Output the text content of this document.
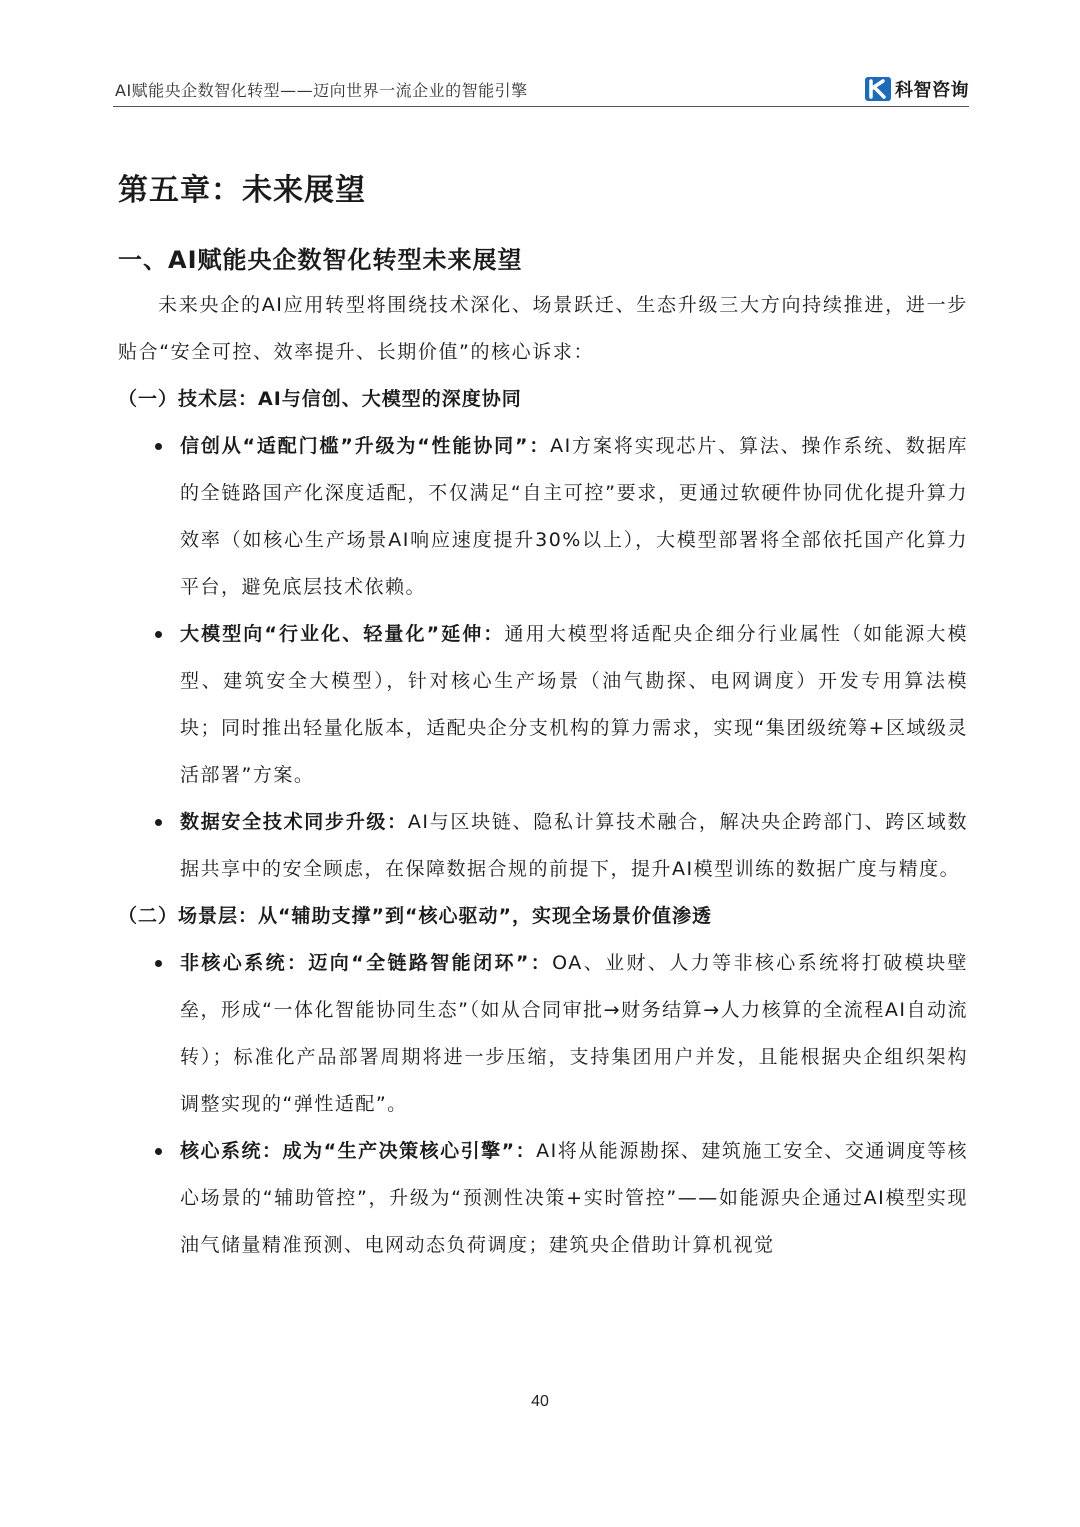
AI赋能央企数智化转型——迈向世界一流企业的智能引擎	科智咨询
第五章：未来展望
一、AI赋能央企数智化转型未来展望

未来央企的AI应用转型将围绕技术深化、场景跃迁、生态升级三大方向持续推进，进一步贴合“安全可控、效率提升、长期价值”的核心诉求：

（一）技术层：AI与信创、大模型的深度协同

信创从“适配门槛”升级为“性能协同”：AI方案将实现芯片、算法、操作系统、数据库的全链路国产化深度适配，不仅满足“自主可控”要求，更通过软硬件协同优化提升算力效率（如核心生产场景AI响应速度提升30%以上），大模型部署将全部依托国产化算力平台，避免底层技术依赖。

大模型向“行业化、轻量化”延伸：通用大模型将适配央企细分行业属性（如能源大模型、建筑安全大模型），针对核心生产场景（油气勘探、电网调度）开发专用算法模块；同时推出轻量化版本，适配央企分支机构的算力需求，实现“集团级统筹+区域级灵活部署”方案。

数据安全技术同步升级：AI与区块链、隐私计算技术融合，解决央企跨部门、跨区域数据共享中的安全顾虑，在保障数据合规的前提下，提升AI模型训练的数据广度与精度。

（二）场景层：从“辅助支撑”到“核心驱动”，实现全场景价值渗透

非核心系统：迈向“全链路智能闭环”：OA、业财、人力等非核心系统将打破模块壁垒，形成“一体化智能协同生态”（如从合同审批→财务结算→人力核算的全流程AI自动流转）；标准化产品部署周期将进一步压缩，支持集团用户并发，且能根据央企组织架构调整实现的“弹性适配”。

核心系统：成为“生产决策核心引擎”：AI将从能源勘探、建筑施工安全、交通调度等核心场景的“辅助管控”，升级为“预测性决策+实时管控”——如能源央企通过AI模型实现油气储量精准预测、电网动态负荷调度；建筑央企借助计算机视觉

40
